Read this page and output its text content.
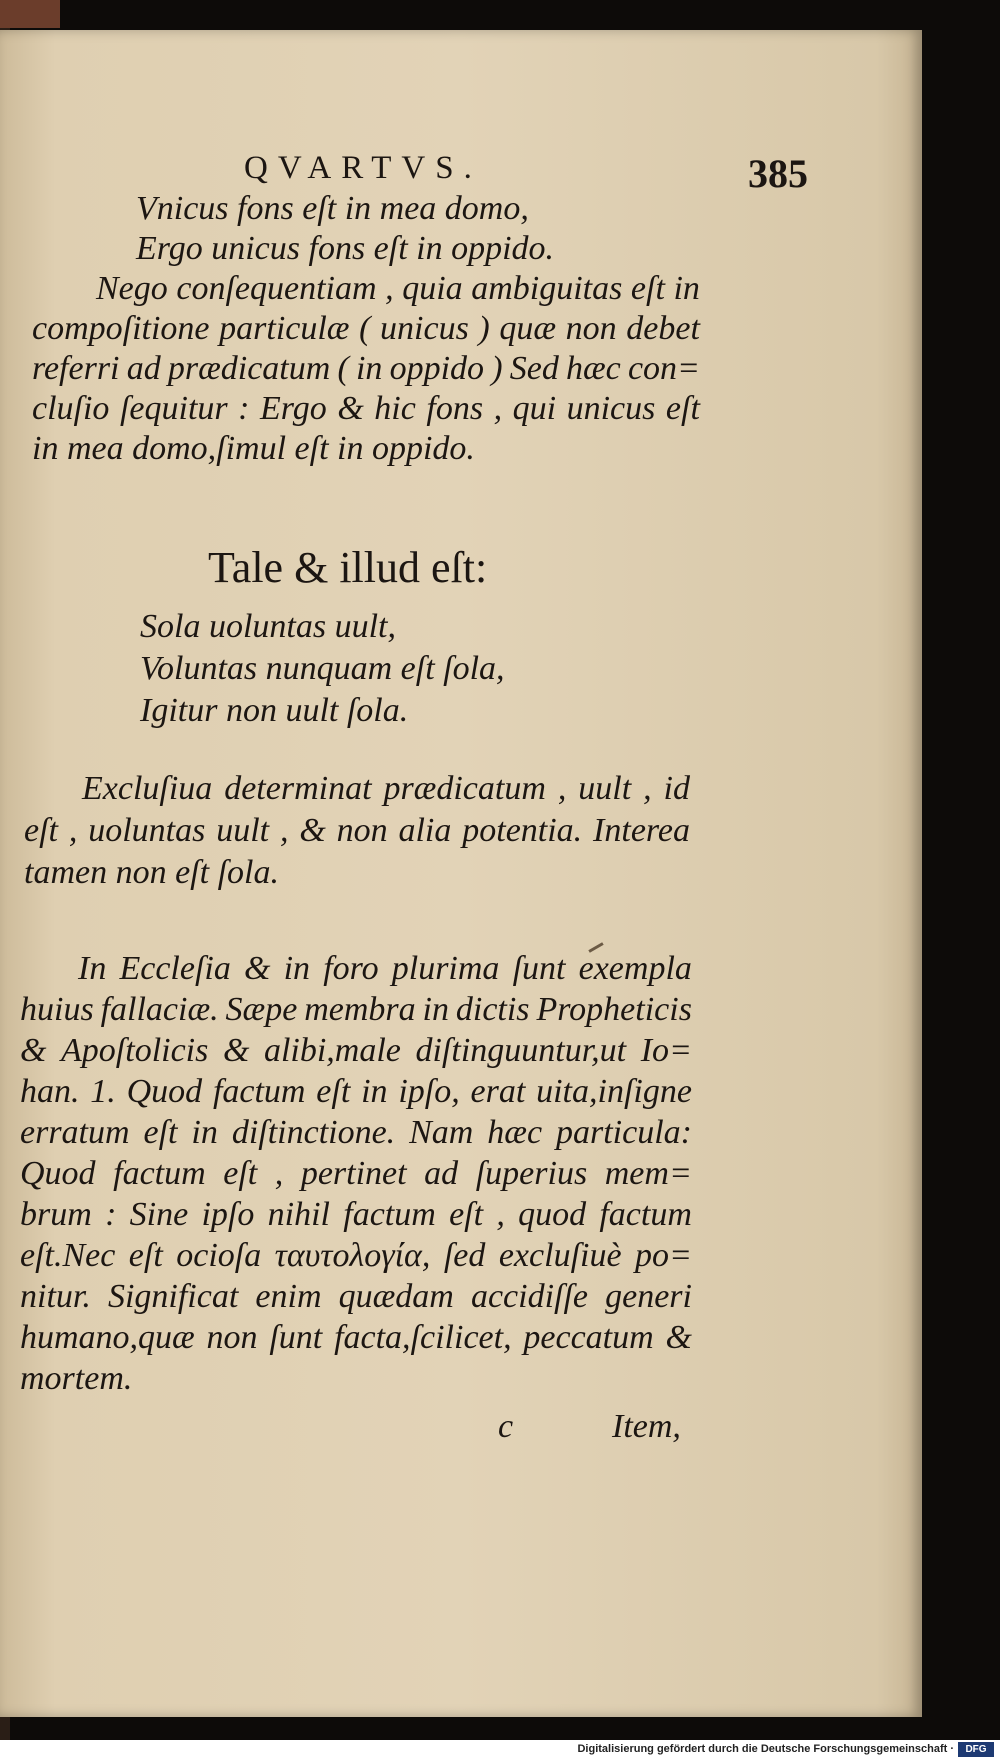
QVARTVS.	385
Vnicus fons eſt in mea domo,
Ergo unicus fons eſt in oppido.
Nego conſequentiam , quia ambiguitas eſt in
compoſitione particulæ ( unicus ) quæ non debet
referri ad prædicatum ( in oppido ) Sed hæc con=
cluſio ſequitur : Ergo & hic fons , qui unicus eſt
in mea domo,ſimul eſt in oppido.
Tale & illud eſt:
Sola uoluntas uult,
Voluntas nunquam eſt ſola,
Igitur non uult ſola.
Excluſiua determinat prædicatum , uult , id
eſt , uoluntas uult , & non alia potentia. Interea
tamen non eſt ſola.
In Eccleſia & in foro plurima ſunt exempla
huius fallaciæ. Sæpe membra in dictis Propheticis
& Apoſtolicis & alibi,male diſtinguuntur,ut Io=
han. 1. Quod factum eſt in ipſo, erat uita,inſigne
erratum eſt in diſtinctione. Nam hæc particula:
Quod factum eſt , pertinet ad ſuperius mem=
brum : Sine ipſo nihil factum eſt , quod factum
eſt.Nec eſt ocioſa ταυτολογία, ſed excluſiuè po=
nitur. Significat enim quædam accidiſſe generi
humano,quæ non ſunt facta,ſcilicet, peccatum &
mortem.
c	Item,
Digitalisierung gefördert durch die Deutsche Forschungsgemeinschaft ·	DFG
